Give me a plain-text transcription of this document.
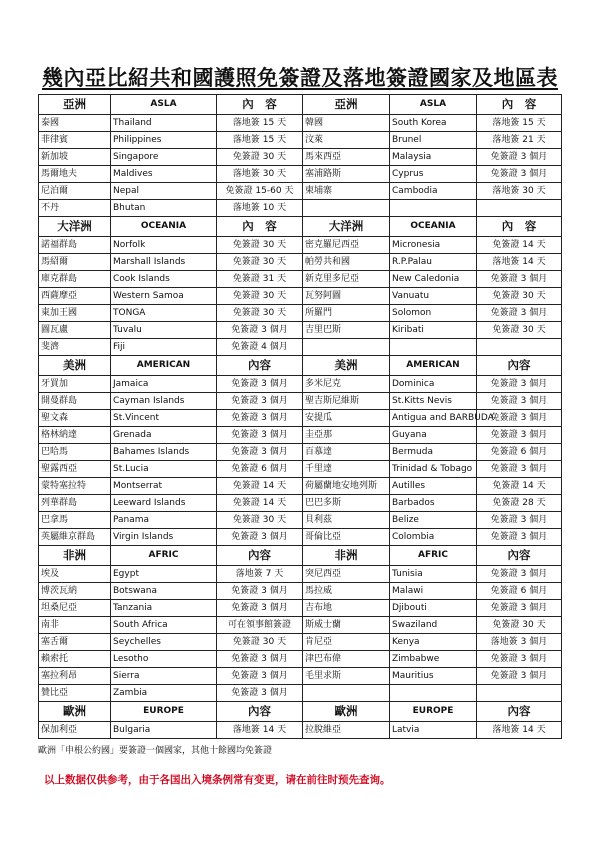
幾內亞比紹共和國護照免簽證及落地簽證國家及地區表
亞洲	ASLA	內　容	亞洲	ASLA	內　容
泰國	Thailand	落地簽 15 天	韓國	South Korea	落地簽 15 天
菲律賓	Philippines	落地簽 15 天	汶萊	Brunel	落地簽 21 天
新加坡	Singapore	免簽證 30 天	馬來西亞	Malaysia	免簽證 3 個月
馬爾地夫	Maldives	落地簽 30 天	塞浦路斯	Cyprus	免簽證 3 個月
尼泊爾	Nepal	免簽證 15-60 天	柬埔寨	Cambodia	落地簽 30 天
不丹	Bhutan	落地簽 10 天			
大洋洲	OCEANIA	內　容	大洋洲	OCEANIA	內　容
諾福群島	Norfolk	免簽證 30 天	密克羅尼西亞	Micronesia	免簽證 14 天
馬紹爾	Marshall Islands	免簽證 30 天	帕勞共和國	R.P.Palau	落地簽 14 天
庫克群島	Cook Islands	免簽證 31 天	新克里多尼亞	New Caledonia	免簽證 3 個月
西薩摩亞	Western Samoa	免簽證 30 天	瓦努阿圖	Vanuatu	免簽證 30 天
東加王國	TONGA	免簽證 30 天	所羅門	Solomon	免簽證 3 個月
圖瓦盧	Tuvalu	免簽證 3 個月	吉里巴斯	Kiribati	免簽證 30 天
斐濟	Fiji	免簽證 4 個月			
美洲	AMERICAN	內容	美洲	AMERICAN	內容
牙買加	Jamaica	免簽證 3 個月	多米尼克	Dominica	免簽證 3 個月
開曼群島	Cayman Islands	免簽證 3 個月	聖吉斯尼維斯	St.Kitts Nevis	免簽證 3 個月
聖文森	St.Vincent	免簽證 3 個月	安提瓜	Antigua and BARBUDA	免簽證 3 個月
格林納達	Grenada	免簽證 3 個月	圭亞那	Guyana	免簽證 3 個月
巴哈馬	Bahames Islands	免簽證 3 個月	百慕達	Bermuda	免簽證 6 個月
聖露西亞	St.Lucia	免簽證 6 個月	千里達	Trinidad & Tobago	免簽證 3 個月
蒙特塞拉特	Montserrat	免簽證 14 天	荷屬蘭地安地列斯	Autilles	免簽證 14 天
列華群島	Leeward Islands	免簽證 14 天	巴巴多斯	Barbados	免簽證 28 天
巴拿馬	Panama	免簽證 30 天	貝利茲	Belize	免簽證 3 個月
英屬維京群島	Virgin Islands	免簽證 3 個月	哥倫比亞	Colombia	免簽證 3 個月
非洲	AFRIC	內容	非洲	AFRIC	內容
埃及	Egypt	落地簽 7 天	突尼西亞	Tunisia	免簽證 3 個月
博茨瓦納	Botswana	免簽證 3 個月	馬拉威	Malawi	免簽證 6 個月
坦桑尼亞	Tanzania	免簽證 3 個月	吉布地	Djibouti	免簽證 3 個月
南非	South Africa	可在領事館簽證	斯威士蘭	Swaziland	免簽證 30 天
塞舌爾	Seychelles	免簽證 30 天	肯尼亞	Kenya	落地簽 3 個月
賴索托	Lesotho	免簽證 3 個月	津巴布偉	Zimbabwe	免簽證 3 個月
塞拉利昂	Sierra	免簽證 3 個月	毛里求斯	Mauritius	免簽證 3 個月
贊比亞	Zambia	免簽證 3 個月			
歐洲	EUROPE	內容	歐洲	EUROPE	內容
保加利亞	Bulgaria	落地簽 14 天	拉脫維亞	Latvia	落地簽 14 天
歐洲「申根公約國」要簽證一個國家，其他十餘國均免簽證
以上数据仅供参考，由于各国出入境条例常有变更，请在前往时预先查询。
